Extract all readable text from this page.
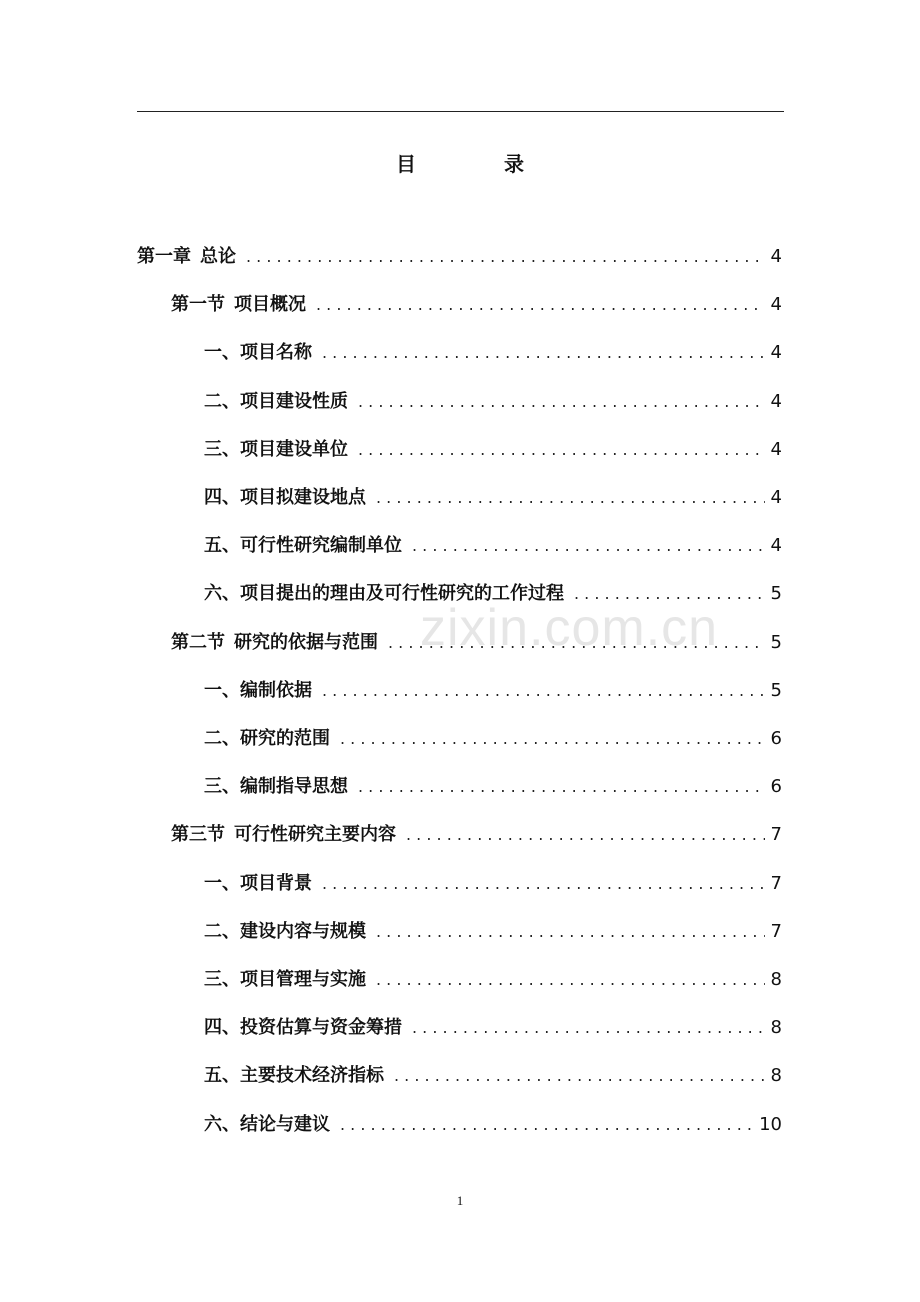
目　录
zixin.com.cn
第一章 总论 . . .	4
第一节 项目概况 . . .	4
一、项目名称 . . .	4
二、项目建设性质 . . .	4
三、项目建设单位 . . .	4
四、项目拟建设地点 . . .	4
五、可行性研究编制单位 . . .	4
六、项目提出的理由及可行性研究的工作过程 . . .	5
第二节 研究的依据与范围 . . .	5
一、编制依据 . . .	5
二、研究的范围 . . .	6
三、编制指导思想 . . .	6
第三节 可行性研究主要内容 . . .	7
一、项目背景 . . .	7
二、建设内容与规模 . . .	7
三、项目管理与实施 . . .	8
四、投资估算与资金筹措 . . .	8
五、主要技术经济指标 . . .	8
六、结论与建议 . . .	10
1
